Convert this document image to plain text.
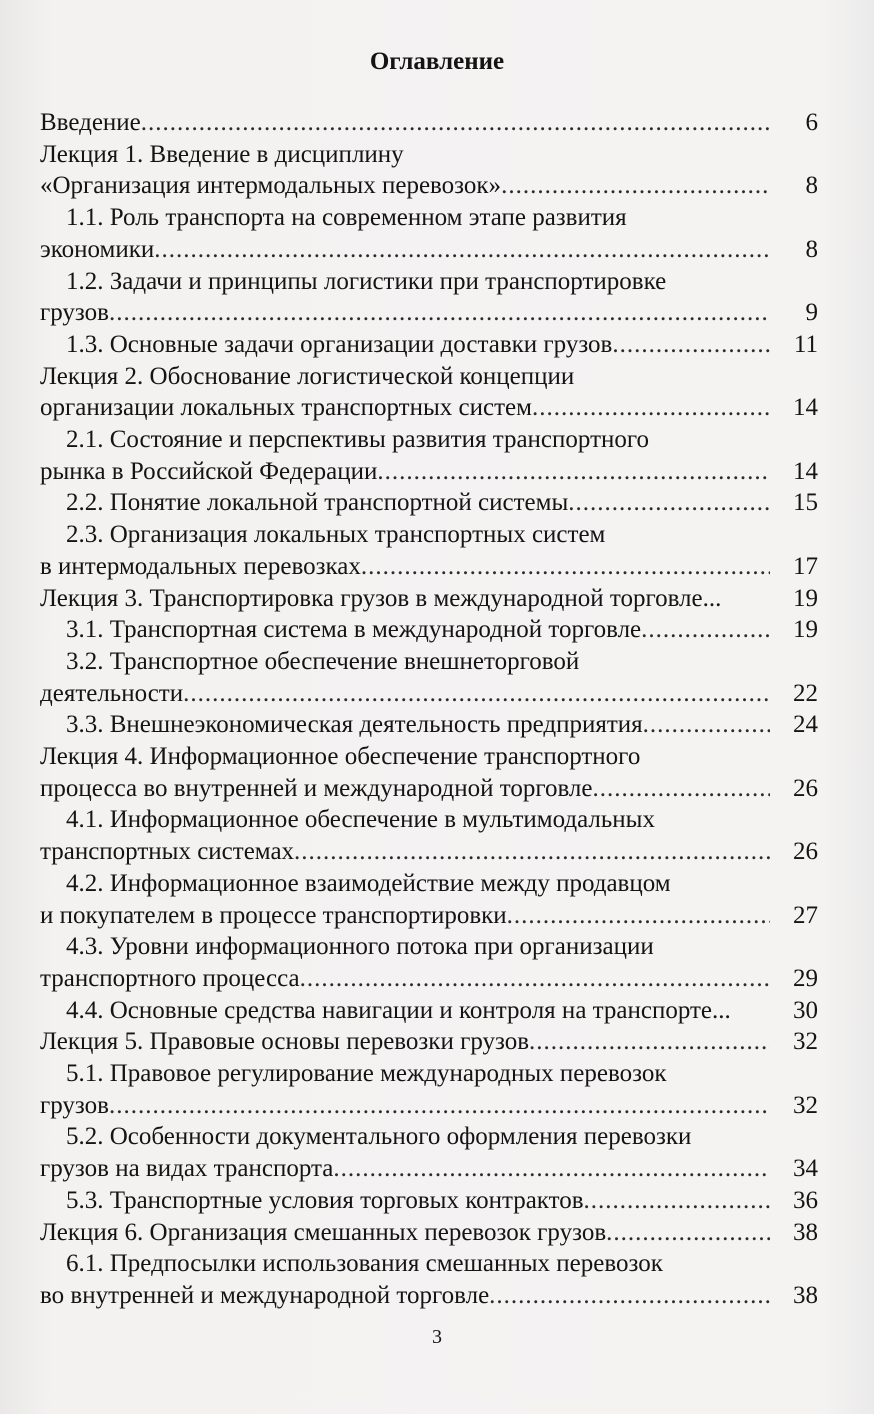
Оглавление
Введение .....	6
Лекция 1. Введение в дисциплину
«Организация интермодальных перевозок» .....	8
1.1. Роль транспорта на современном этапе развития
экономики .....	8
1.2. Задачи и принципы логистики при транспортировке
грузов .....	9
1.3. Основные задачи организации доставки грузов .....	11
Лекция 2. Обоснование логистической концепции
организации локальных транспортных систем .....	14
2.1. Состояние и перспективы развития транспортного
рынка в Российской Федерации .....	14
2.2. Понятие локальной транспортной системы .....	15
2.3. Организация локальных транспортных систем
в интермодальных перевозках .....	17
Лекция 3. Транспортировка грузов в международной торговле...	19
3.1. Транспортная система в международной торговле .....	19
3.2. Транспортное обеспечение внешнеторговой
деятельности .....	22
3.3. Внешнеэкономическая деятельность предприятия .....	24
Лекция 4. Информационное обеспечение транспортного
процесса во внутренней и международной торговле .....	26
4.1. Информационное обеспечение в мультимодальных
транспортных системах .....	26
4.2. Информационное взаимодействие между продавцом
и покупателем в процессе транспортировки .....	27
4.3. Уровни информационного потока при организации
транспортного процесса .....	29
4.4. Основные средства навигации и контроля на транспорте...	30
Лекция 5. Правовые основы перевозки грузов .....	32
5.1. Правовое регулирование международных перевозок
грузов .....	32
5.2. Особенности документального оформления перевозки
грузов на видах транспорта .....	34
5.3. Транспортные условия торговых контрактов .....	36
Лекция 6. Организация смешанных перевозок грузов .....	38
6.1. Предпосылки использования смешанных перевозок
во внутренней и международной торговле .....	38
3
